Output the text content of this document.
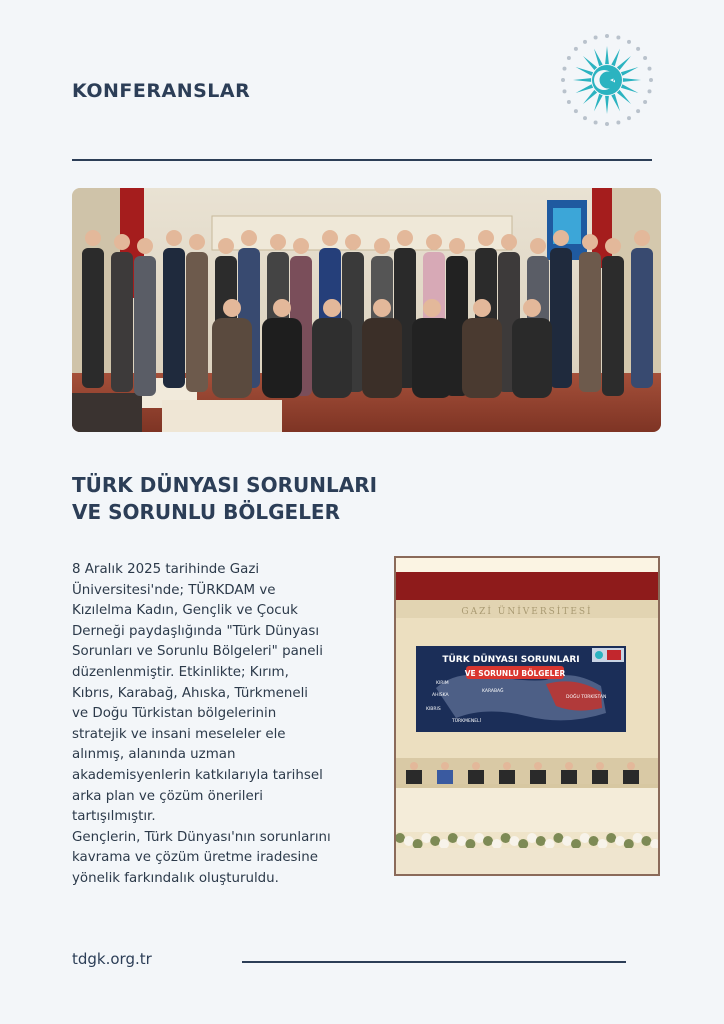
KONFERANSLAR
TÜRK DÜNYASI SORUNLARI
VE SORUNLU BÖLGELER
8 Aralık 2025 tarihinde Gazi
Üniversitesi'nde; TÜRKDAM ve
Kızılelma Kadın, Gençlik ve Çocuk
Derneği paydaşlığında "Türk Dünyası
Sorunları ve Sorunlu Bölgeleri" paneli
düzenlenmiştir. Etkinlikte; Kırım,
Kıbrıs, Karabağ, Ahıska, Türkmeneli
ve Doğu Türkistan bölgelerinin
stratejik ve insani meseleler ele
alınmış, alanında uzman
akademisyenlerin katkılarıyla tarihsel
arka plan ve çözüm önerileri
tartışılmıştır.
Gençlerin, Türk Dünyası'nın sorunlarını
kavrama ve çözüm üretme iradesine
yönelik farkındalık oluşturuldu.
GAZİ ÜNİVERSİTESİ
TÜRK DÜNYASI SORUNLARI
VE SORUNLU BÖLGELER
KIRIM
AHISKA
KARABAĞ
KIBRIS
TÜRKMENELİ
DOĞU TÜRKİSTAN
tdgk.org.tr
